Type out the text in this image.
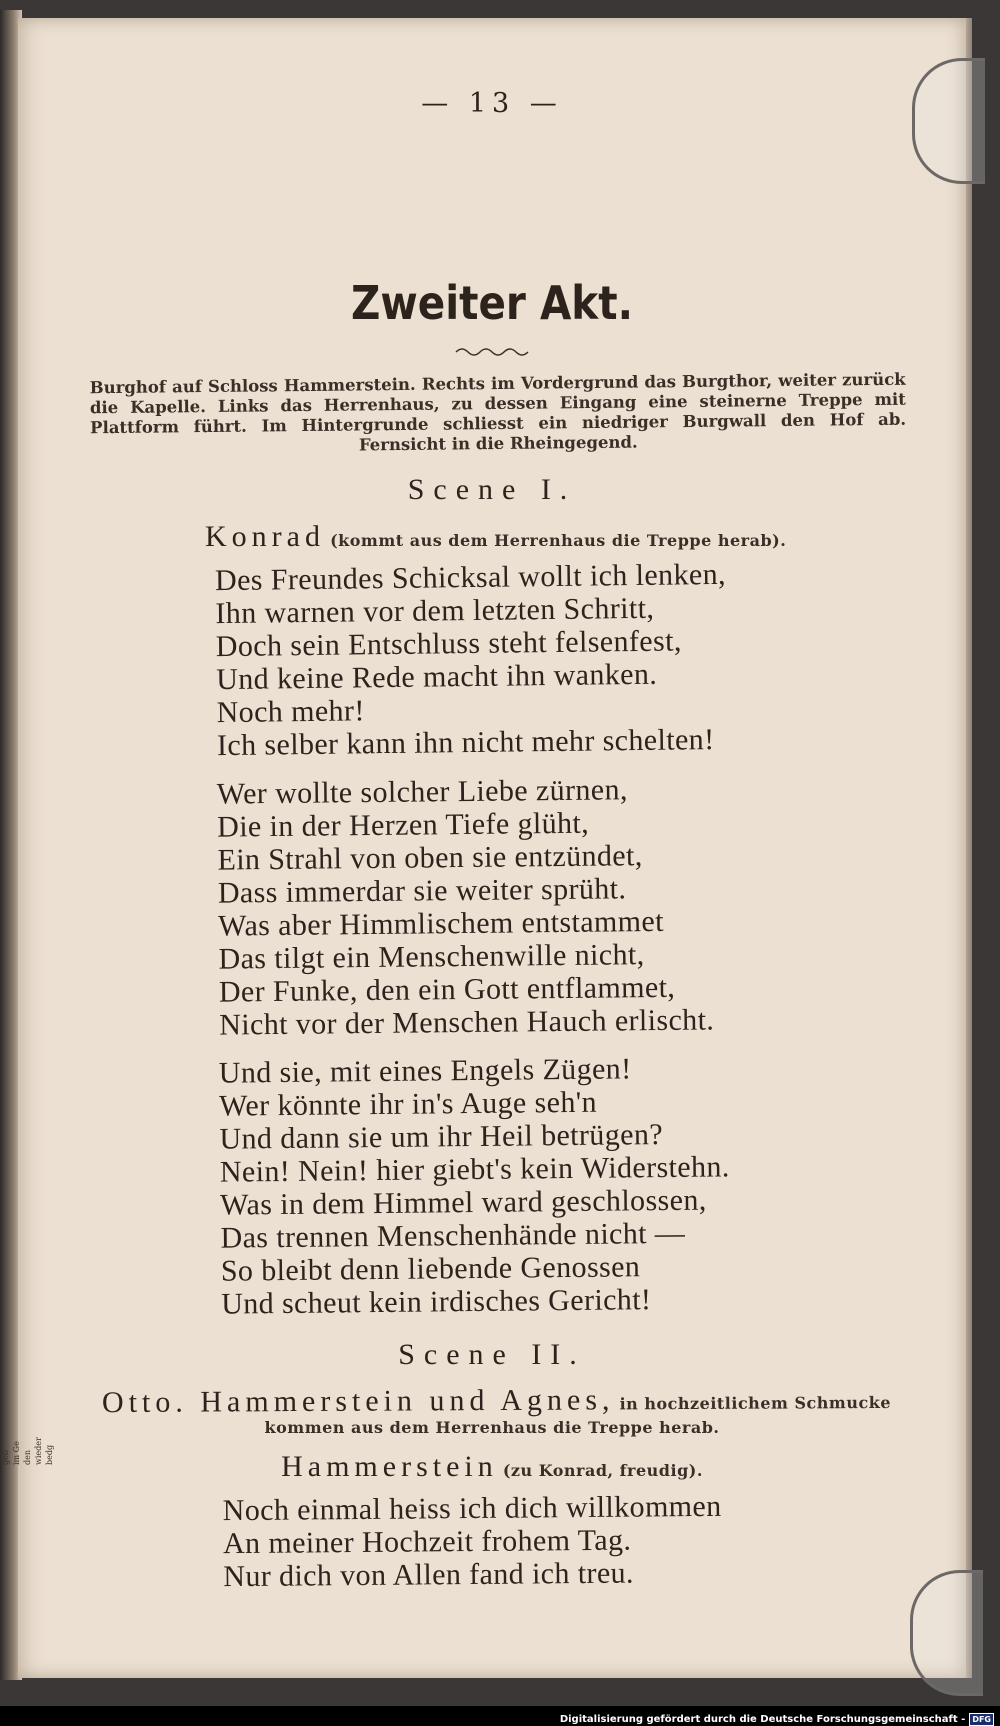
— 13 —
Zweiter Akt.
Burghof auf Schloss Hammerstein. Rechts im Vordergrund das Burgthor, weiter zurück die Kapelle. Links das Herrenhaus, zu dessen Eingang eine steinerne Treppe mit Plattform führt. Im Hintergrunde schliesst ein niedriger Burgwall den Hof ab. Fernsicht in die Rheingegend.
Scene I.
Konrad (kommt aus dem Herrenhaus die Treppe herab).
Des Freundes Schicksal wollt ich lenken,
Ihn warnen vor dem letzten Schritt,
Doch sein Entschluss steht felsenfest,
Und keine Rede macht ihn wanken.
Noch mehr!
Ich selber kann ihn nicht mehr schelten!
Wer wollte solcher Liebe zürnen,
Die in der Herzen Tiefe glüht,
Ein Strahl von oben sie entzündet,
Dass immerdar sie weiter sprüht.
Was aber Himmlischem entstammet
Das tilgt ein Menschenwille nicht,
Der Funke, den ein Gott entflammet,
Nicht vor der Menschen Hauch erlischt.
Und sie, mit eines Engels Zügen!
Wer könnte ihr in's Auge seh'n
Und dann sie um ihr Heil betrügen?
Nein! Nein! hier giebt's kein Widerstehn.
Was in dem Himmel ward geschlossen,
Das trennen Menschenhände nicht —
So bleibt denn liebende Genossen
Und scheut kein irdisches Gericht!
Scene II.
Otto. Hammerstein und Agnes, in hochzeitlichem Schmucke
kommen aus dem Herrenhaus die Treppe herab.
Hammerstein (zu Konrad, freudig).
Noch einmal heiss ich dich willkommen
An meiner Hochzeit frohem Tag.
Nur dich von Allen fand ich treu.
geb im Ge den wieder bedg
Digitalisierung gefördert durch die Deutsche Forschungsgemeinschaft - DFG
